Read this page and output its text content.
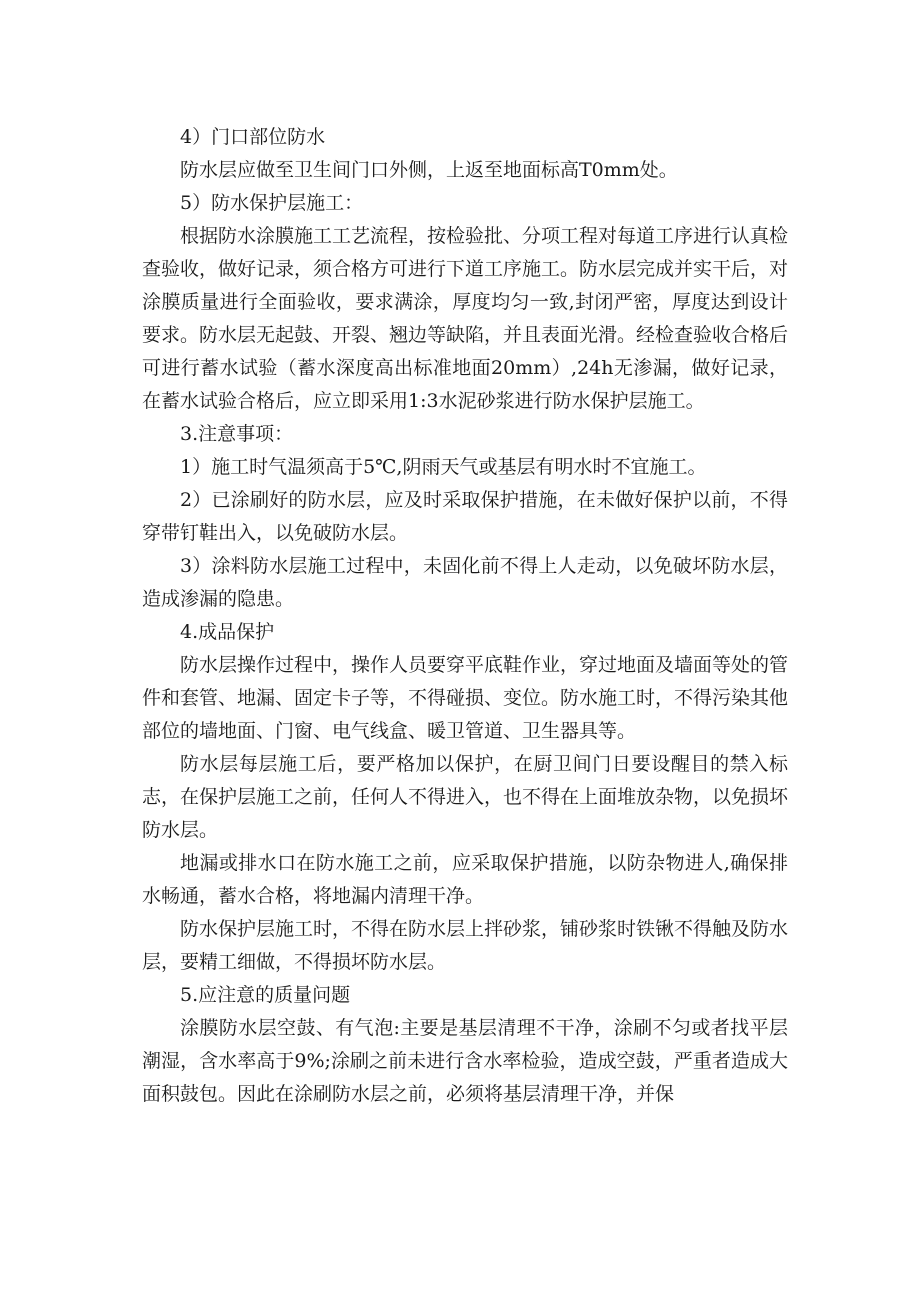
4）门口部位防水

防水层应做至卫生间门口外侧，上返至地面标高T0mm处。

5）防水保护层施工：

根据防水涂膜施工工艺流程，按检验批、分项工程对每道工序进行认真检查验收，做好记录，须合格方可进行下道工序施工。防水层完成并实干后，对涂膜质量进行全面验收，要求满涂，厚度均匀一致,封闭严密，厚度达到设计要求。防水层无起鼓、开裂、翘边等缺陷，并且表面光滑。经检查验收合格后可进行蓄水试验（蓄水深度高出标准地面20mm）,24h无渗漏，做好记录，在蓄水试验合格后，应立即采用1:3水泥砂浆进行防水保护层施工。

3.注意事项：

1）施工时气温须高于5℃,阴雨天气或基层有明水时不宜施工。

2）已涂刷好的防水层，应及时采取保护措施，在未做好保护以前，不得穿带钉鞋出入，以免破防水层。

3）涂料防水层施工过程中，未固化前不得上人走动，以免破坏防水层，造成渗漏的隐患。

4.成品保护

防水层操作过程中，操作人员要穿平底鞋作业，穿过地面及墙面等处的管件和套管、地漏、固定卡子等，不得碰损、变位。防水施工时，不得污染其他部位的墙地面、门窗、电气线盒、暖卫管道、卫生器具等。

防水层每层施工后，要严格加以保护，在厨卫间门日要设醒目的禁入标志，在保护层施工之前，任何人不得进入，也不得在上面堆放杂物，以免损坏防水层。

地漏或排水口在防水施工之前，应采取保护措施，以防杂物进人,确保排水畅通，蓄水合格，将地漏内清理干净。

防水保护层施工时，不得在防水层上拌砂浆，铺砂浆时铁锹不得触及防水层，要精工细做，不得损坏防水层。

5.应注意的质量问题

涂膜防水层空鼓、有气泡:主要是基层清理不干净，涂刷不匀或者找平层潮湿，含水率高于9%;涂刷之前未进行含水率检验，造成空鼓，严重者造成大面积鼓包。因此在涂刷防水层之前，必须将基层清理干净，并保
